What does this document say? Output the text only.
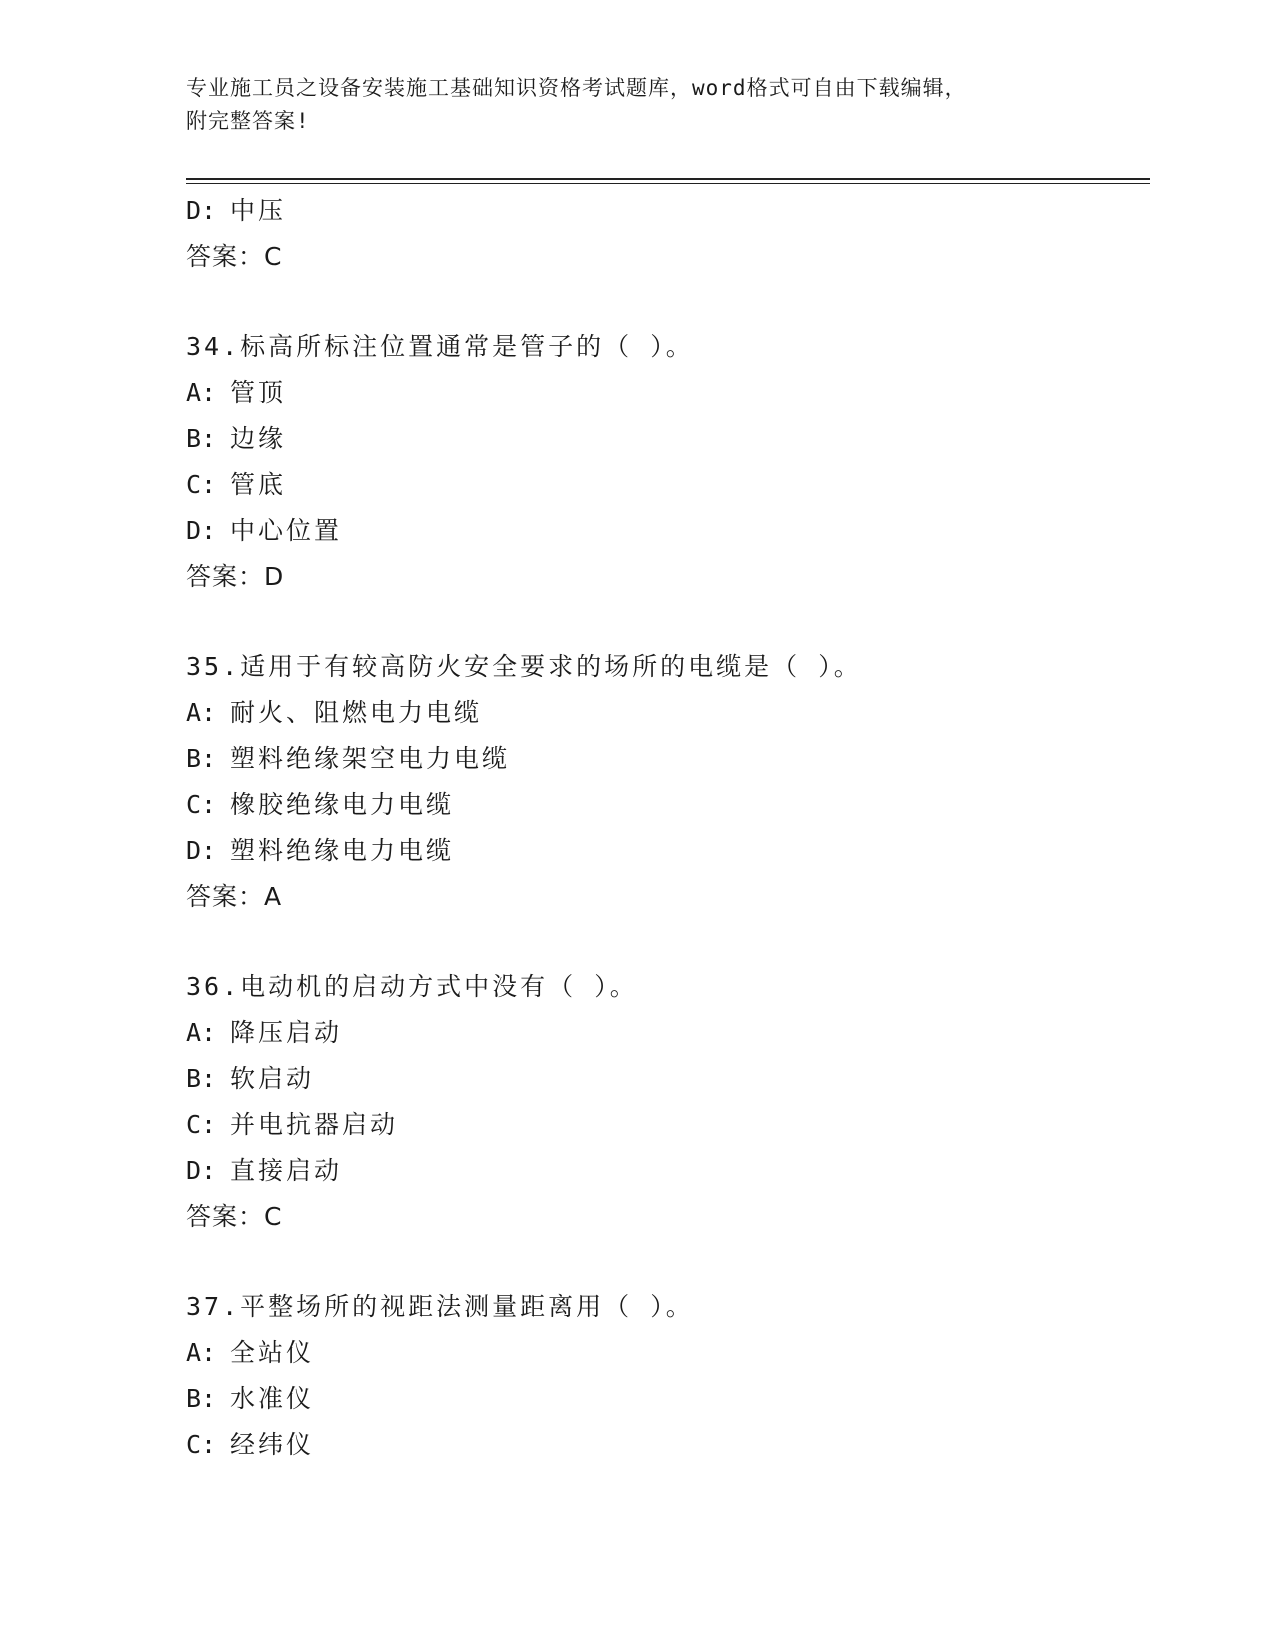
专业施工员之设备安装施工基础知识资格考试题库，word格式可自由下载编辑，
附完整答案!
D: 中压
答案：C
34.标高所标注位置通常是管子的（ ）。
A: 管顶
B: 边缘
C: 管底
D: 中心位置
答案：D
35.适用于有较高防火安全要求的场所的电缆是（ ）。
A: 耐火、阻燃电力电缆
B: 塑料绝缘架空电力电缆
C: 橡胶绝缘电力电缆
D: 塑料绝缘电力电缆
答案：A
36.电动机的启动方式中没有（ ）。
A: 降压启动
B: 软启动
C: 并电抗器启动
D: 直接启动
答案：C
37.平整场所的视距法测量距离用（ ）。
A: 全站仪
B: 水准仪
C: 经纬仪
